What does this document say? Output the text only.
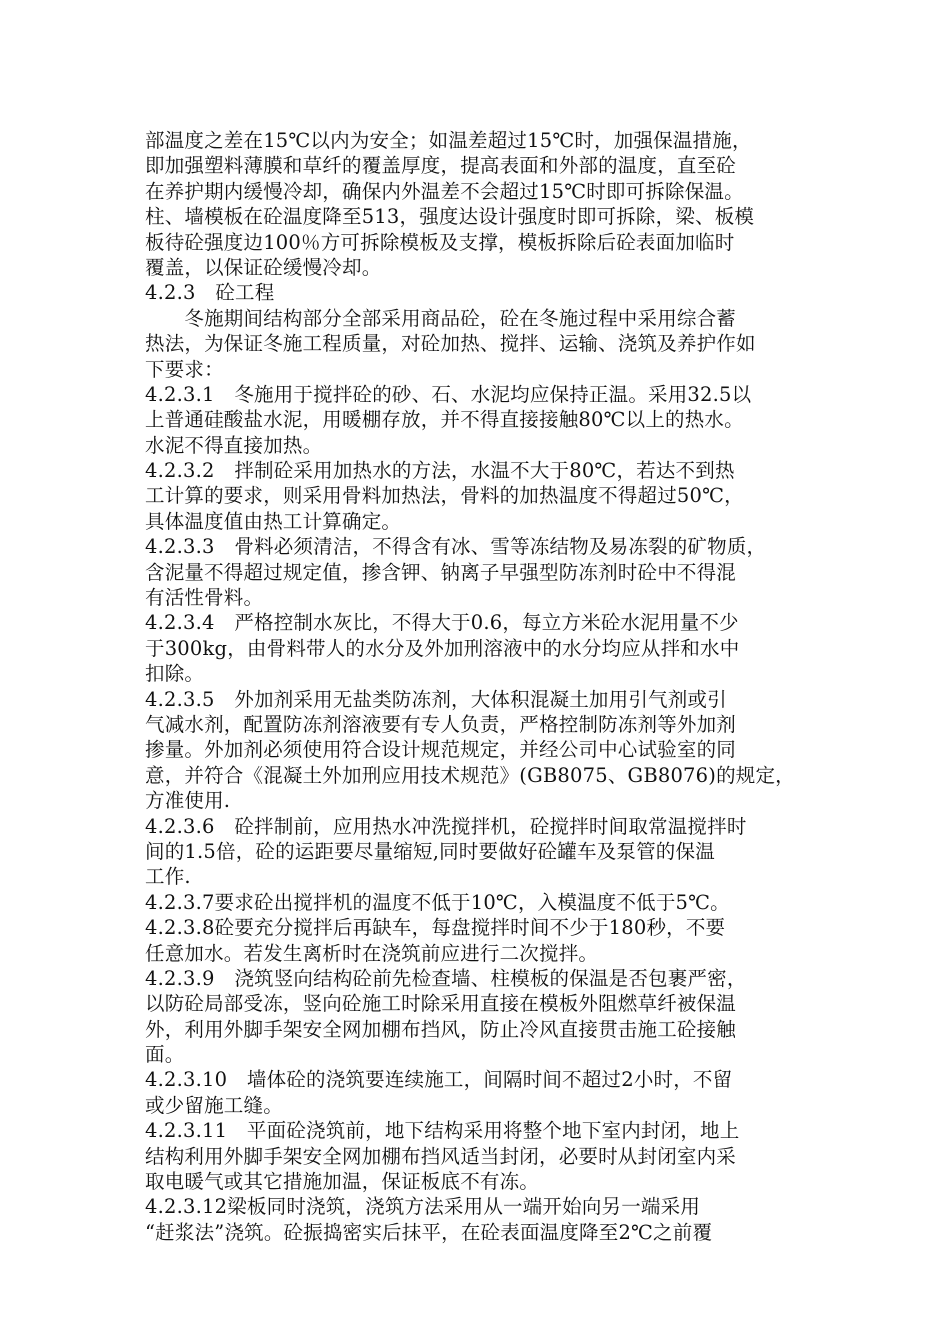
部温度之差在15℃以内为安全；如温差超过15℃时，加强保温措施，
即加强塑料薄膜和草纤的覆盖厚度，提高表面和外部的温度，直至砼
在养护期内缓慢冷却，确保内外温差不会超过15℃时即可拆除保温。
柱、墙模板在砼温度降至513，强度达设计强度时即可拆除，梁、板模
板待砼强度边100％方可拆除模板及支撑，模板拆除后砼表面加临时
覆盖，以保证砼缓慢冷却。
4.2.3　砼工程
　　冬施期间结构部分全部采用商品砼，砼在冬施过程中采用综合蓄
热法，为保证冬施工程质量，对砼加热、搅拌、运输、浇筑及养护作如
下要求：
4.2.3.1　冬施用于搅拌砼的砂、石、水泥均应保持正温。采用32.5以
上普通硅酸盐水泥，用暖棚存放，并不得直接接触80℃以上的热水。
水泥不得直接加热。
4.2.3.2　拌制砼采用加热水的方法，水温不大于80℃，若达不到热
工计算的要求，则采用骨料加热法，骨料的加热温度不得超过50℃，
具体温度值由热工计算确定。
4.2.3.3　骨料必须清洁，不得含有冰、雪等冻结物及易冻裂的矿物质，
含泥量不得超过规定值，掺含钾、钠离子早强型防冻剂时砼中不得混
有活性骨料。
4.2.3.4　严格控制水灰比，不得大于0.6，每立方米砼水泥用量不少
于300kg，由骨料带人的水分及外加刑溶液中的水分均应从拌和水中
扣除。
4.2.3.5　外加剂采用无盐类防冻剂，大体积混凝土加用引气剂或引
气减水剂，配置防冻剂溶液要有专人负责，严格控制防冻剂等外加剂
掺量。外加剂必须使用符合设计规范规定，并经公司中心试验室的同
意，并符合《混凝土外加刑应用技术规范》(GB8075、GB8076)的规定，
方准使用.
4.2.3.6　砼拌制前，应用热水冲洗搅拌机，砼搅拌时间取常温搅拌时
间的1.5倍，砼的运距要尽量缩短,同时要做好砼罐车及泵管的保温
工作.
4.2.3.7要求砼出搅拌机的温度不低于10℃，入模温度不低于5℃。
4.2.3.8砼要充分搅拌后再缺车，每盘搅拌时间不少于180秒，不要
任意加水。若发生离析时在浇筑前应进行二次搅拌。
4.2.3.9　浇筑竖向结构砼前先检查墙、柱模板的保温是否包裹严密，
以防砼局部受冻，竖向砼施工时除采用直接在模板外阻燃草纤被保温
外，利用外脚手架安全网加棚布挡风，防止冷风直接贯击施工砼接触
面。
4.2.3.10　墙体砼的浇筑要连续施工，间隔时间不超过2小时，不留
或少留施工缝。
4.2.3.11　平面砼浇筑前，地下结构采用将整个地下室内封闭，地上
结构利用外脚手架安全网加棚布挡风适当封闭，必要时从封闭室内采
取电暖气或其它措施加温，保证板底不有冻。
4.2.3.12梁板同时浇筑，浇筑方法采用从一端开始向另一端采用
“赶浆法”浇筑。砼振捣密实后抹平，在砼表面温度降至2℃之前覆
